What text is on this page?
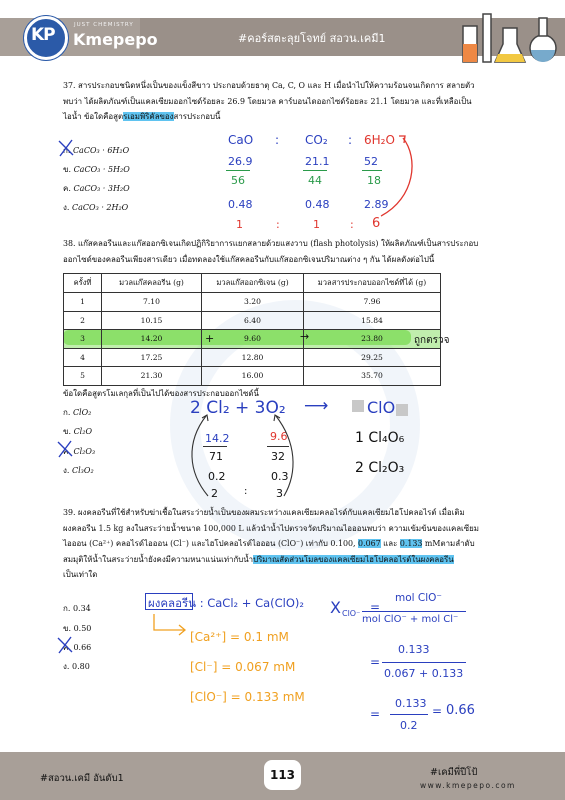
KP	JUST CHEMISTRY
Kmepepo	#คอร์สตะลุยโจทย์ สอวน.เคมี1
37. สารประกอบชนิดหนึ่งเป็นของแข็งสีขาว ประกอบด้วยธาตุ Ca, C, O และ H เมื่อนำไปให้ความร้อนจนเกิดการ สลายตัว
พบว่า ได้ผลิตภัณฑ์เป็นแคลเซียมออกไซด์ร้อยละ 26.9 โดยมวล คาร์บอนไดออกไซด์ร้อยละ 21.1 โดยมวล และที่เหลือเป็น
ไอน้ำ ข้อใดคือสูตรเอมพิริคัลของสารประกอบนี้
ก. CaCO₃ · 6H₂O
ข. CaCO₃ · 5H₂O
ค. CaCO₃ · 3H₂O
ง. CaCO₃ · 2H₂O
CaO : CO₂ : 6H₂O
26.9	21.1	52
56	44	18
0.48	0.48	2.89
1	:	1	: 6
38. แก๊สคลอรีนและแก๊สออกซิเจนเกิดปฏิกิริยาการแยกสลายด้วยแสงวาบ (flash photolysis) ให้ผลิตภัณฑ์เป็นสารประกอบ
ออกไซด์ของคลอรีนเพียงสารเดียว เมื่อทดลองใช้แก๊สคลอรีนกับแก๊สออกซิเจนปริมาณต่าง ๆ กัน ได้ผลดังต่อไปนี้
ครั้งที่	มวลแก๊สคลอรีน (g)	มวลแก๊สออกซิเจน (g)	มวลสารประกอบออกไซด์ที่ได้ (g)
1	7.10	3.20	7.96
2	10.15	6.40	15.84
3	14.20	9.60	23.80
4	17.25	12.80	29.25
5	21.30	16.00	35.70
+	→	ถูกตรวจ
ข้อใดคือสูตรโมเลกุลที่เป็นไปได้ของสารประกอบออกไซด์นี้
ก. ClO₂
ข. Cl₂O
ค. Cl₂O₃
ง. Cl₃O₂
2 Cl₂ + 3O₂ ⟶ ClO
14.2
71
0.2
2
9.6
32
0.3
3
:
1 Cl₄O₆
2 Cl₂O₃
39. ผงคลอรีนที่ใช้สำหรับฆ่าเชื้อในสระว่ายน้ำเป็นของผสมระหว่างแคลเซียมคลอไรด์กับแคลเซียมไฮโปคลอไรต์ เมื่อเติม
ผงคลอรีน 1.5 kg ลงในสระว่ายน้ำขนาด 100,000 L แล้วนำน้ำไปตรวจวัดปริมาณไอออนพบว่า ความเข้มข้นของแคลเซียม
ไอออน (Ca²⁺) คลอไรด์ไอออน (Cl⁻) และไฮโปคลอไรต์ไอออน (ClO⁻) เท่ากับ 0.100, 0.067 และ 0.133 mMตามลำดับ
สมมุติให้น้ำในสระว่ายน้ำยังคงมีความหนาแน่นเท่ากับน้ำปริมาณสัดส่วนโมลของแคลเซียมไฮโปคลอไรต์ในผงคลอรีน
เป็นเท่าใด
ก. 0.34
ข. 0.50
ค. 0.66
ง. 0.80
ผงคลอรีน : CaCl₂ + Ca(ClO)₂
[Ca²⁺] = 0.1 mM
[Cl⁻] = 0.067 mM
[ClO⁻] = 0.133 mM
X ClO⁻ =
mol ClO⁻
mol ClO⁻ + mol Cl⁻
=
0.133
0.067 + 0.133
=
0.133
0.2
= 0.66
#สอวน.เคมี อันดับ1	113	#เคมีพี่ปีโป้
www.kmepepo.com
